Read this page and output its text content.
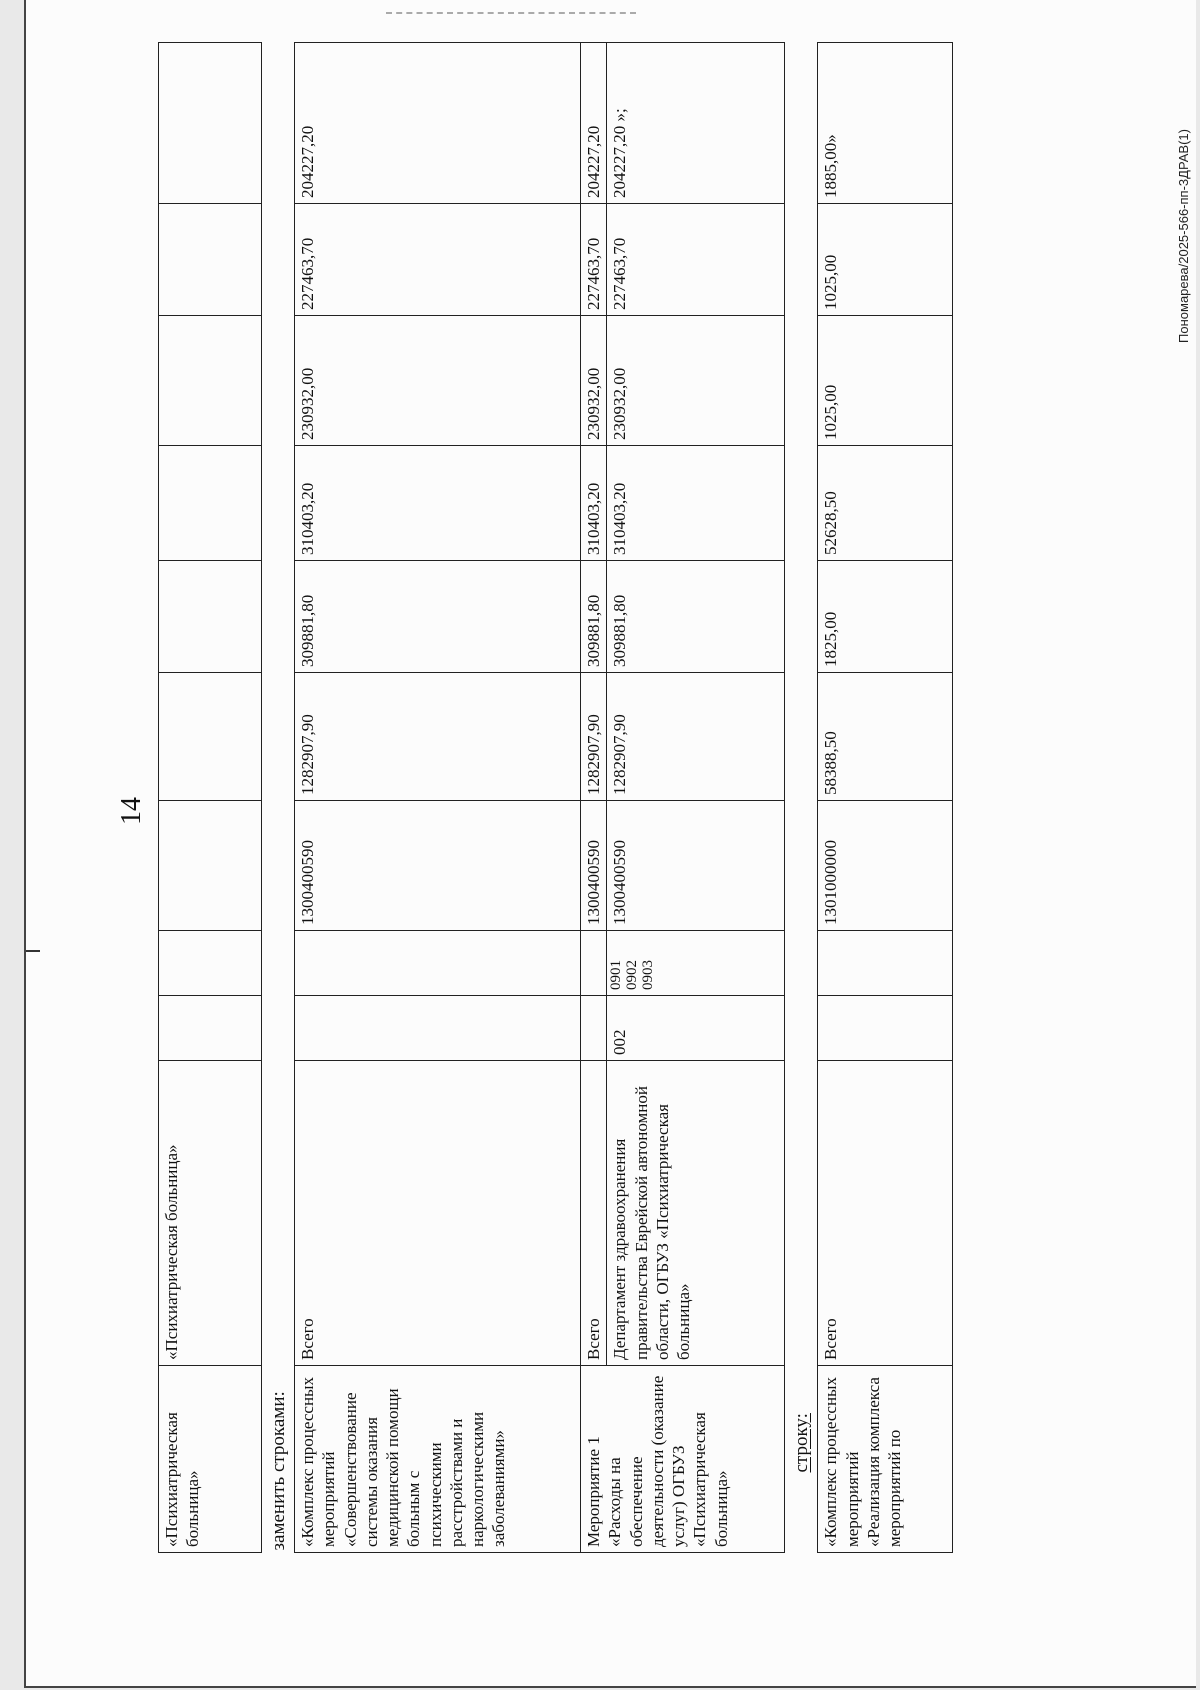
14
Пономарева/2025-566-пп-3ДРАВ(1)
«Психиатрическая больница»	«Психиатрическая больница»									

заменить строками:										

«Комплекс процессных мероприятий «Совершенствование системы оказания медицинской помощи больным с психическими расстройствами и наркологическими заболеваниями»	Всего			1300400590	1282907,90	309881,80	310403,20	230932,00	227463,70	204227,20

Мероприятие 1 «Расходы на обеспечение деятельности (оказание услуг) ОГБУЗ «Психиатрическая больница»	Всего			1300400590	1282907,90	309881,80	310403,20	230932,00	227463,70	204227,20
	Департамент здравоохранения правительства Еврейской автономной области, ОГБУЗ «Психиатрическая больница»	002	0901
0902
0903	1300400590	1282907,90	309881,80	310403,20	230932,00	227463,70	204227,20 »;

строку:										

«Комплекс процессных мероприятий «Реализация комплекса мероприятий по	Всего			1301000000	58388,50	1825,00	52628,50	1025,00	1025,00	1885,00»
